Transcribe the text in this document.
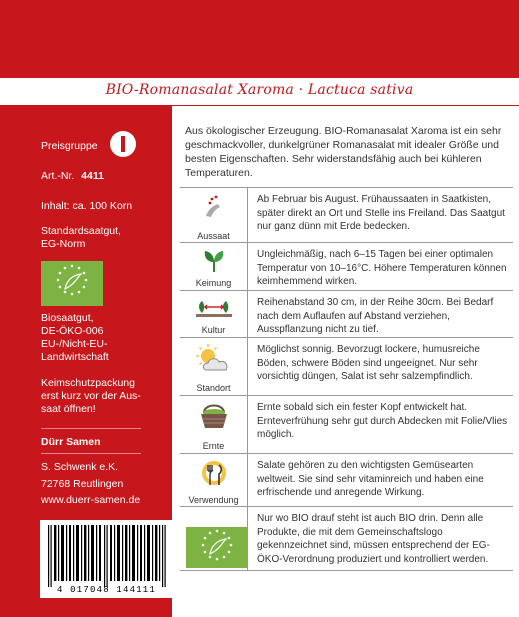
BIO-Romanasalat Xaroma · Lactuca sativa
Preisgruppe
Art.-Nr. 4411
Inhalt: ca. 100 Korn
Standardsaatgut,
EG-Norm
Biosaatgut,
DE-ÖKO-006
EU-/Nicht-EU-
Landwirtschaft
Keimschutzpackung
erst kurz vor der Aus-
saat öffnen!
Dürr Samen
S. Schwenk e.K.
72768 Reutlingen
www.duerr-samen.de
4 017048 144111
Aus ökologischer Erzeugung. BIO-Romanasalat Xaroma ist ein sehr geschmackvoller, dunkelgrüner Romanasalat mit idealer Größe und besten Eigenschaften. Sehr widerstandsfähig auch bei kühleren Temperaturen.
Aussaat
Ab Februar bis August. Frühaussaaten in Saatkisten, später direkt an Ort und Stelle ins Freiland. Das Saatgut nur ganz dünn mit Erde bedecken.
Keimung
Ungleichmäßig, nach 6–15 Tagen bei einer optimalen Temperatur von 10–16°C. Höhere Temperaturen können keimhemmend wirken.
Kultur
Reihenabstand 30 cm, in der Reihe 30cm. Bei Bedarf nach dem Auflaufen auf Abstand verziehen, Ausspflanzung nicht zu tief.
Standort
Möglichst sonnig. Bevorzugt lockere, humusreiche Böden, schwere Böden sind ungeeignet. Nur sehr vorsichtig düngen, Salat ist sehr salzempfindlich.
Ernte
Ernte sobald sich ein fester Kopf entwickelt hat. Ernteverfrühung sehr gut durch Abdecken mit Folie/Vlies möglich.
Verwendung
Salate gehören zu den wichtigsten Gemüsearten weltweit. Sie sind sehr vitaminreich und haben eine erfrischende und anregende Wirkung.
Nur wo BIO drauf steht ist auch BIO drin. Denn alle Produkte, die mit dem Gemeinschaftslogo gekennzeichnet sind, müssen entsprechend der EG-ÖKO-Verordnung produziert und kontrolliert werden.
